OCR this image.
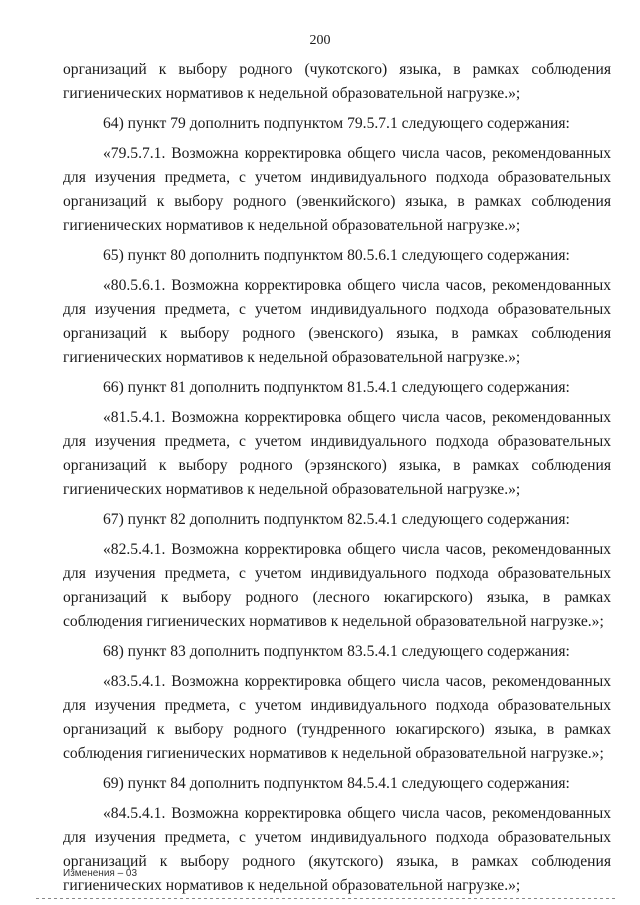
200

организаций к выбору родного (чукотского) языка, в рамках соблюдения гигиенических нормативов к недельной образовательной нагрузке.»;

64) пункт 79 дополнить подпунктом 79.5.7.1 следующего содержания:

«79.5.7.1. Возможна корректировка общего числа часов, рекомендованных для изучения предмета, с учетом индивидуального подхода образовательных организаций к выбору родного (эвенкийского) языка, в рамках соблюдения гигиенических нормативов к недельной образовательной нагрузке.»;

65) пункт 80 дополнить подпунктом 80.5.6.1 следующего содержания:

«80.5.6.1. Возможна корректировка общего числа часов, рекомендованных для изучения предмета, с учетом индивидуального подхода образовательных организаций к выбору родного (эвенского) языка, в рамках соблюдения гигиенических нормативов к недельной образовательной нагрузке.»;

66) пункт 81 дополнить подпунктом 81.5.4.1 следующего содержания:

«81.5.4.1. Возможна корректировка общего числа часов, рекомендованных для изучения предмета, с учетом индивидуального подхода образовательных организаций к выбору родного (эрзянского) языка, в рамках соблюдения гигиенических нормативов к недельной образовательной нагрузке.»;

67) пункт 82 дополнить подпунктом 82.5.4.1 следующего содержания:

«82.5.4.1. Возможна корректировка общего числа часов, рекомендованных для изучения предмета, с учетом индивидуального подхода образовательных организаций к выбору родного (лесного юкагирского) языка, в рамках соблюдения гигиенических нормативов к недельной образовательной нагрузке.»;

68) пункт 83 дополнить подпунктом 83.5.4.1 следующего содержания:

«83.5.4.1. Возможна корректировка общего числа часов, рекомендованных для изучения предмета, с учетом индивидуального подхода образовательных организаций к выбору родного (тундренного юкагирского) языка, в рамках соблюдения гигиенических нормативов к недельной образовательной нагрузке.»;

69) пункт 84 дополнить подпунктом 84.5.4.1 следующего содержания:

«84.5.4.1. Возможна корректировка общего числа часов, рекомендованных для изучения предмета, с учетом индивидуального подхода образовательных организаций к выбору родного (якутского) языка, в рамках соблюдения гигиенических нормативов к недельной образовательной нагрузке.»;

Изменения – 03
